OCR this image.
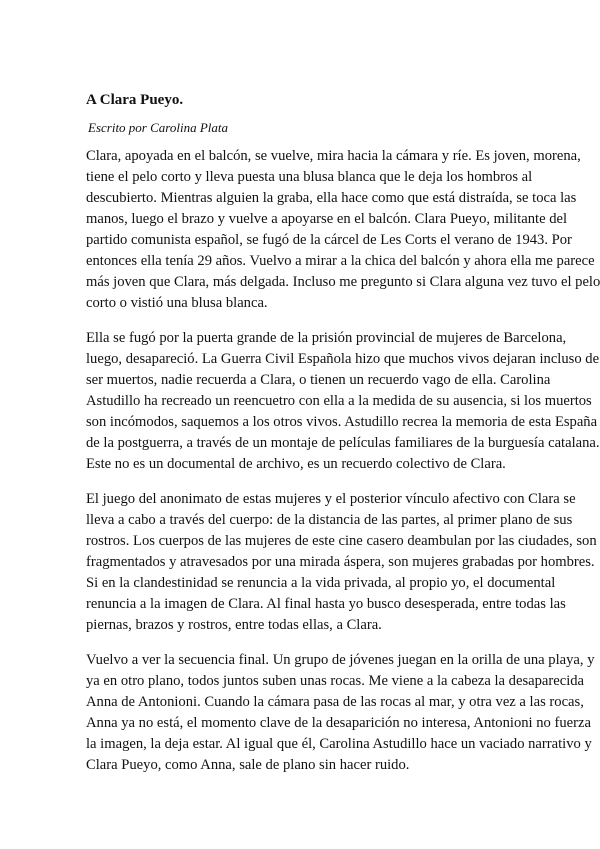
A Clara Pueyo.
Escrito por Carolina Plata

Clara, apoyada en el balcón, se vuelve, mira hacia la cámara y ríe. Es joven, morena,
tiene el pelo corto y lleva puesta una blusa blanca que le deja los hombros al
descubierto. Mientras alguien la graba, ella hace como que está distraída, se toca las
manos, luego el brazo y vuelve a apoyarse en el balcón. Clara Pueyo, militante del
partido comunista español, se fugó de la cárcel de Les Corts el verano de 1943. Por
entonces ella tenía 29 años. Vuelvo a mirar a la chica del balcón y ahora ella me parece
más joven que Clara, más delgada. Incluso me pregunto si Clara alguna vez tuvo el pelo
corto o vistió una blusa blanca.

Ella se fugó por la puerta grande de la prisión provincial de mujeres de Barcelona,
luego, desapareció. La Guerra Civil Española hizo que muchos vivos dejaran incluso de
ser muertos, nadie recuerda a Clara, o tienen un recuerdo vago de ella. Carolina
Astudillo ha recreado un reencuetro con ella a la medida de su ausencia, si los muertos
son incómodos, saquemos a los otros vivos. Astudillo recrea la memoria de esta España
de la postguerra, a través de un montaje de películas familiares de la burguesía catalana.
Este no es un documental de archivo, es un recuerdo colectivo de Clara.

El juego del anonimato de estas mujeres y el posterior vínculo afectivo con Clara se
lleva a cabo a través del cuerpo: de la distancia de las partes, al primer plano de sus
rostros. Los cuerpos de las mujeres de este cine casero deambulan por las ciudades, son
fragmentados y atravesados por una mirada áspera, son mujeres grabadas por hombres.
Si en la clandestinidad se renuncia a la vida privada, al propio yo, el documental
renuncia a la imagen de Clara. Al final hasta yo busco desesperada, entre todas las
piernas, brazos y rostros, entre todas ellas, a Clara.

Vuelvo a ver la secuencia final. Un grupo de jóvenes juegan en la orilla de una playa, y
ya en otro plano, todos juntos suben unas rocas. Me viene a la cabeza la desaparecida
Anna de Antonioni. Cuando la cámara pasa de las rocas al mar, y otra vez a las rocas,
Anna ya no está, el momento clave de la desaparición no interesa, Antonioni no fuerza
la imagen, la deja estar. Al igual que él, Carolina Astudillo hace un vaciado narrativo y
Clara Pueyo, como Anna, sale de plano sin hacer ruido.
